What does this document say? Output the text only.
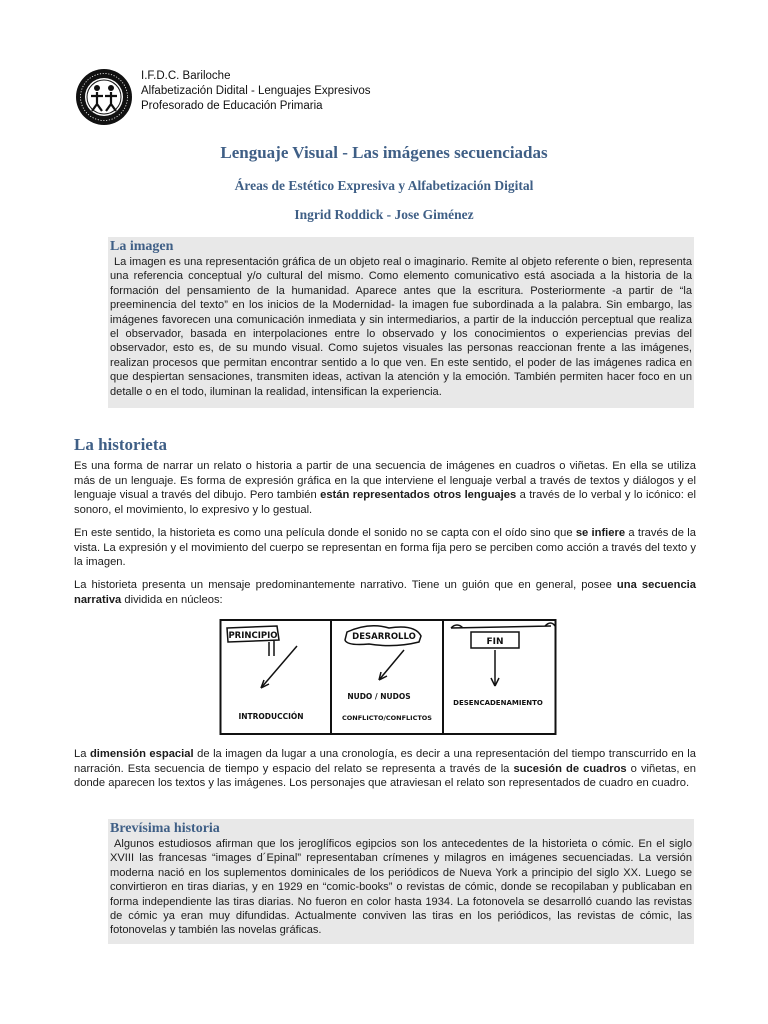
I.F.D.C. Bariloche
Alfabetización Didital - Lenguajes Expresivos
Profesorado de Educación Primaria
Lenguaje Visual - Las imágenes secuenciadas
Áreas de Estético Expresiva y Alfabetización Digital
Ingrid Roddick - Jose Giménez
La imagen
La imagen es una representación gráfica de un objeto real o imaginario. Remite al objeto referente o bien, representa una referencia conceptual y/o cultural del mismo. Como elemento comunicativo está asociada a la historia de la formación del pensamiento de la humanidad. Aparece antes que la escritura. Posteriormente -a partir de “la preeminencia del texto” en los inicios de la Modernidad- la imagen fue subordinada a la palabra. Sin embargo, las imágenes favorecen una comunicación inmediata y sin intermediarios, a partir de la inducción perceptual que realiza el observador, basada en interpolaciones entre lo observado y los conocimientos o experiencias previas del observador, esto es, de su mundo visual. Como sujetos visuales las personas reaccionan frente a las imágenes, realizan procesos que permitan encontrar sentido a lo que ven. En este sentido, el poder de las imágenes radica en que despiertan sensaciones, transmiten ideas, activan la atención y la emoción. También permiten hacer foco en un detalle o en el todo, iluminan la realidad, intensifican la experiencia.
La historieta
Es una forma de narrar un relato o historia a partir de una secuencia de imágenes en cuadros o viñetas. En ella se utiliza más de un lenguaje. Es forma de expresión gráfica en la que interviene el lenguaje verbal a través de textos y diálogos y el lenguaje visual a través del dibujo. Pero también están representados otros lenguajes a través de lo verbal y lo icónico: el sonoro, el movimiento, lo expresivo y lo gestual.
En este sentido, la historieta es como una película donde el sonido no se capta con el oído sino que se infiere a través de la vista. La expresión y el movimiento del cuerpo se representan en forma fija pero se perciben como acción a través del texto y la imagen.
La historieta presenta un mensaje predominantemente narrativo. Tiene un guión que en general, posee una secuencia narrativa dividida en núcleos:
PRINCIPIO
INTRODUCCIÓN
DESARROLLO
NUDO / NUDOS
CONFLICTO/CONFLICTOS
FIN
DESENCADENAMIENTO
La dimensión espacial de la imagen da lugar a una cronología, es decir a una representación del tiempo transcurrido en la narración. Esta secuencia de tiempo y espacio del relato se representa a través de la sucesión de cuadros o viñetas, en donde aparecen los textos y las imágenes. Los personajes que atraviesan el relato son representados de cuadro en cuadro.
Brevísima historia
Algunos estudiosos afirman que los jeroglíficos egipcios son los antecedentes de la historieta o cómic. En el siglo XVIII las francesas “images d´Epinal” representaban crímenes y milagros en imágenes secuenciadas. La versión moderna nació en los suplementos dominicales de los periódicos de Nueva York a principio del siglo XX. Luego se convirtieron en tiras diarias, y en 1929 en “comic-books” o revistas de cómic, donde se recopilaban y publicaban en forma independiente las tiras diarias. No fueron en color hasta 1934. La fotonovela se desarrolló cuando las revistas de cómic ya eran muy difundidas. Actualmente conviven las tiras en los periódicos, las revistas de cómic, las fotonovelas y también las novelas gráficas.
